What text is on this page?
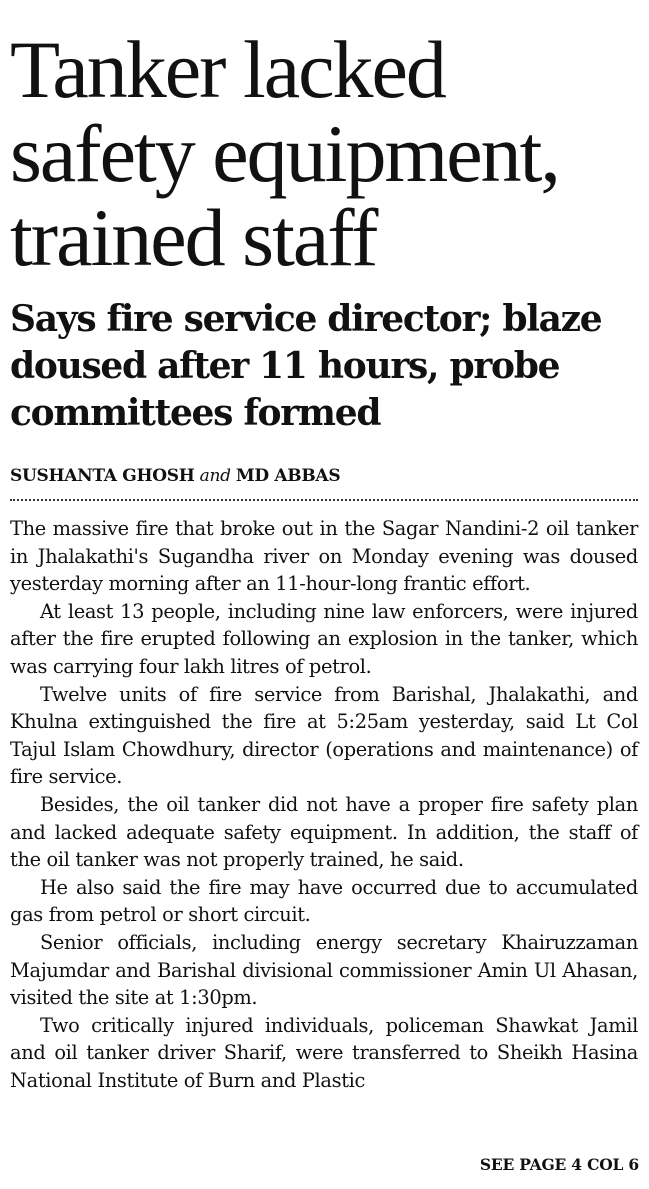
Tanker lacked
safety equipment,
trained staff
Says fire service director; blaze
doused after 11 hours, probe
committees formed
SUSHANTA GHOSH and MD ABBAS

The massive fire that broke out in the Sagar Nandini-2 oil tanker in Jhalakathi's Sugandha river on Monday evening was doused yesterday morning after an 11-hour-long frantic effort.

At least 13 people, including nine law enforcers, were injured after the fire erupted following an explosion in the tanker, which was carrying four lakh litres of petrol.

Twelve units of fire service from Barishal, Jhalakathi, and Khulna extinguished the fire at 5:25am yesterday, said Lt Col Tajul Islam Chowdhury, director (operations and maintenance) of fire service.

Besides, the oil tanker did not have a proper fire safety plan and lacked adequate safety equipment. In addition, the staff of the oil tanker was not properly trained, he said.

He also said the fire may have occurred due to accumulated gas from petrol or short circuit.

Senior officials, including energy secretary Khairuzzaman Majumdar and Barishal divisional commissioner Amin Ul Ahasan, visited the site at 1:30pm.

Two critically injured individuals, policeman Shawkat Jamil and oil tanker driver Sharif, were transferred to Sheikh Hasina National Institute of Burn and Plastic

SEE PAGE 4 COL 6
